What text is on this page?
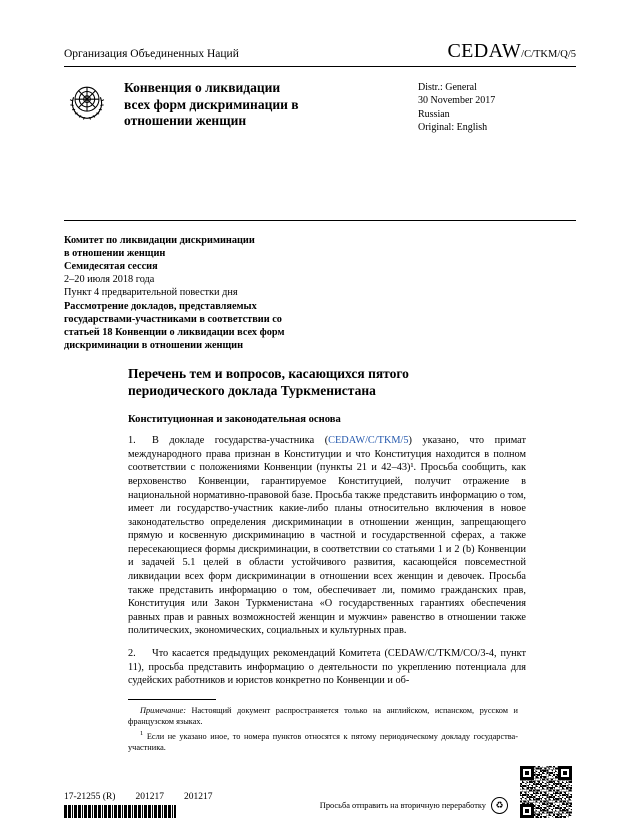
Организация Объединенных Наций	CEDAW/C/TKM/Q/5
Конвенция о ликвидации всех форм дискриминации в отношении женщин
Distr.: General
30 November 2017
Russian
Original: English
Комитет по ликвидации дискриминации
в отношении женщин
Семидесятая сессия
2–20 июля 2018 года
Пункт 4 предварительной повестки дня
Рассмотрение докладов, представляемых
государствами-участниками в соответствии со
статьей 18 Конвенции о ликвидации всех форм
дискриминации в отношении женщин
Перечень тем и вопросов, касающихся пятого периодического доклада Туркменистана
Конституционная и законодательная основа

1. В докладе государства-участника (CEDAW/C/TKM/5) указано, что примат международного права признан в Конституции и что Конституция находится в полном соответствии с положениями Конвенции (пункты 21 и 42–43)¹. Просьба сообщить, как верховенство Конвенции, гарантируемое Конституцией, получит отражение в национальной нормативно-правовой базе. Просьба также представить информацию о том, имеет ли государство-участник какие-либо планы относительно включения в новое законодательство определения дискриминации в отношении женщин, запрещающего прямую и косвенную дискриминацию в частной и государственной сферах, а также пересекающиеся формы дискриминации, в соответствии со статьями 1 и 2 (b) Конвенции и задачей 5.1 целей в области устойчивого развития, касающейся повсеместной ликвидации всех форм дискриминации в отношении всех женщин и девочек. Просьба также представить информацию о том, обеспечивает ли, помимо гражданских прав, Конституция или Закон Туркменистана «О государственных гарантиях обеспечения равных прав и равных возможностей женщин и мужчин» равенство в отношении также политических, экономических, социальных и культурных прав.

2. Что касается предыдущих рекомендаций Комитета (CEDAW/C/TKM/CO/3-4, пункт 11), просьба представить информацию о деятельности по укреплению потенциала для судейских работников и юристов конкретно по Конвенции и об-

Примечание: Настоящий документ распространяется только на английском, испанском, русском и французском языках.

$^1$ Если не указано иное, то номера пунктов относятся к пятому периодическому докладу государства-участника.

17-21255 (R) 201217 201217
Просьба отправить на вторичную переработку	♻
